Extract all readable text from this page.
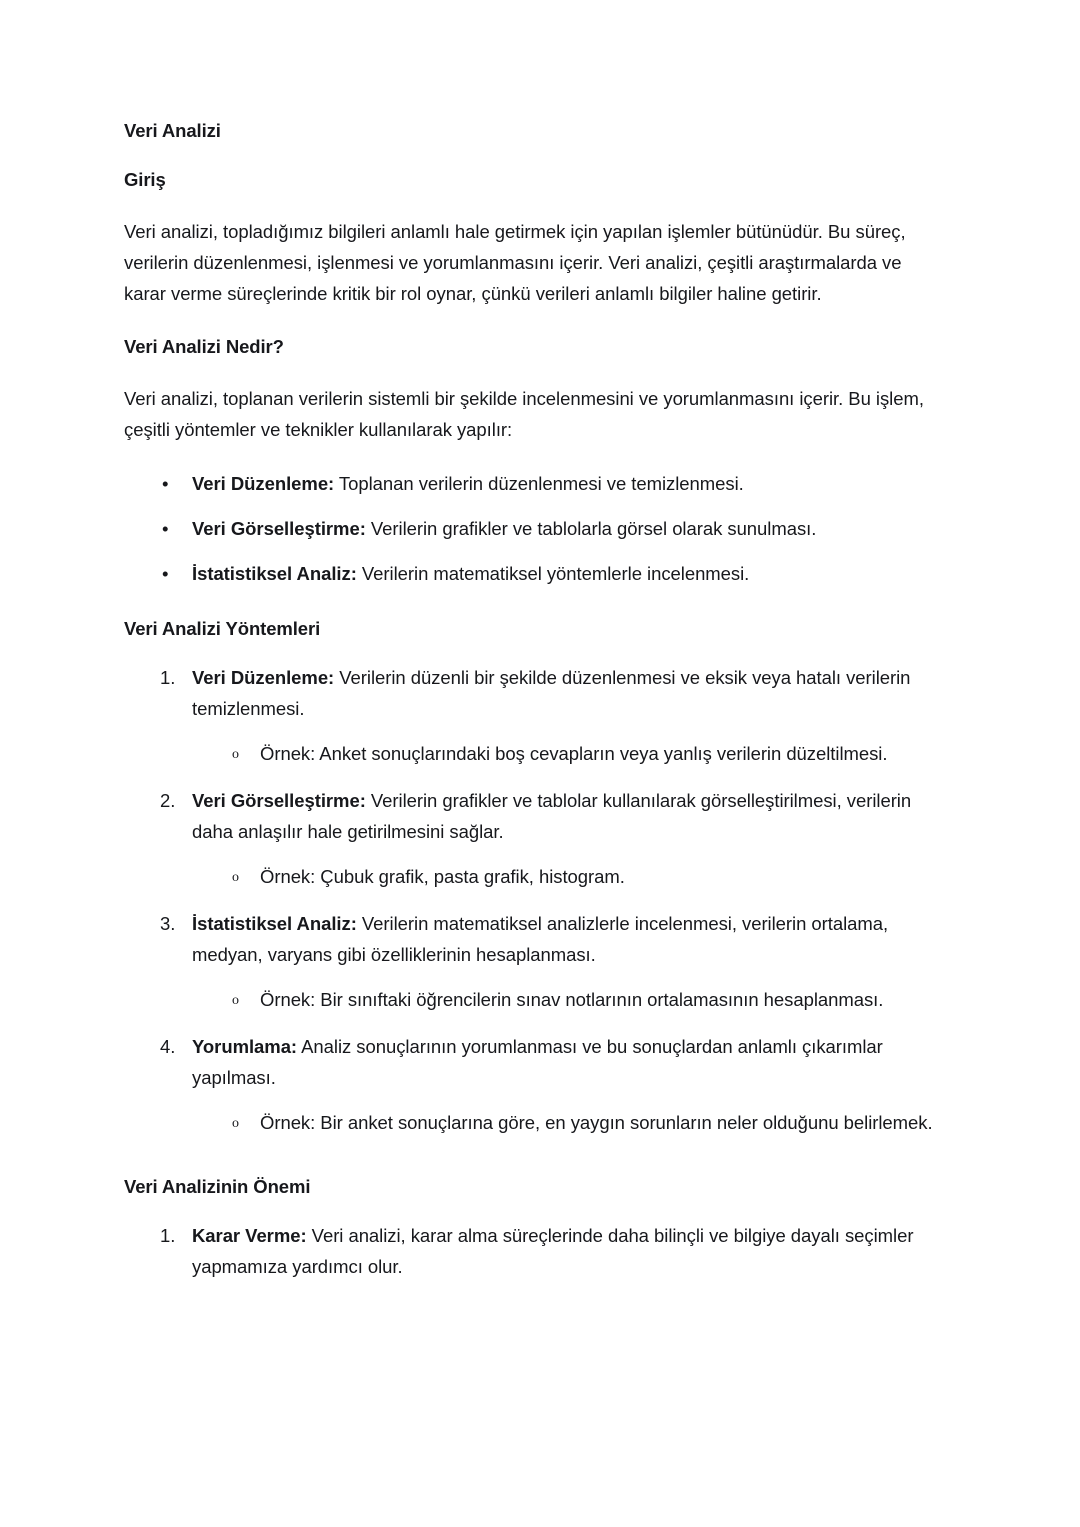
Veri Analizi
Giriş

Veri analizi, topladığımız bilgileri anlamlı hale getirmek için yapılan işlemler bütünüdür. Bu süreç, verilerin düzenlenmesi, işlenmesi ve yorumlanmasını içerir. Veri analizi, çeşitli araştırmalarda ve karar verme süreçlerinde kritik bir rol oynar, çünkü verileri anlamlı bilgiler haline getirir.

Veri Analizi Nedir?

Veri analizi, toplanan verilerin sistemli bir şekilde incelenmesini ve yorumlanmasını içerir. Bu işlem, çeşitli yöntemler ve teknikler kullanılarak yapılır:

• Veri Düzenleme: Toplanan verilerin düzenlenmesi ve temizlenmesi.
• Veri Görselleştirme: Verilerin grafikler ve tablolarla görsel olarak sunulması.
• İstatistiksel Analiz: Verilerin matematiksel yöntemlerle incelenmesi.
Veri Analizi Yöntemleri
1. Veri Düzenleme: Verilerin düzenli bir şekilde düzenlenmesi ve eksik veya hatalı verilerin temizlenmesi.
o	Örnek: Anket sonuçlarındaki boş cevapların veya yanlış verilerin düzeltilmesi.
2. Veri Görselleştirme: Verilerin grafikler ve tablolar kullanılarak görselleştirilmesi, verilerin daha anlaşılır hale getirilmesini sağlar.
o	Örnek: Çubuk grafik, pasta grafik, histogram.
3. İstatistiksel Analiz: Verilerin matematiksel analizlerle incelenmesi, verilerin ortalama, medyan, varyans gibi özelliklerinin hesaplanması.
o	Örnek: Bir sınıftaki öğrencilerin sınav notlarının ortalamasının hesaplanması.
4. Yorumlama: Analiz sonuçlarının yorumlanması ve bu sonuçlardan anlamlı çıkarımlar yapılması.
o	Örnek: Bir anket sonuçlarına göre, en yaygın sorunların neler olduğunu belirlemek.
Veri Analizinin Önemi
1. Karar Verme: Veri analizi, karar alma süreçlerinde daha bilinçli ve bilgiye dayalı seçimler yapmamıza yardımcı olur.
